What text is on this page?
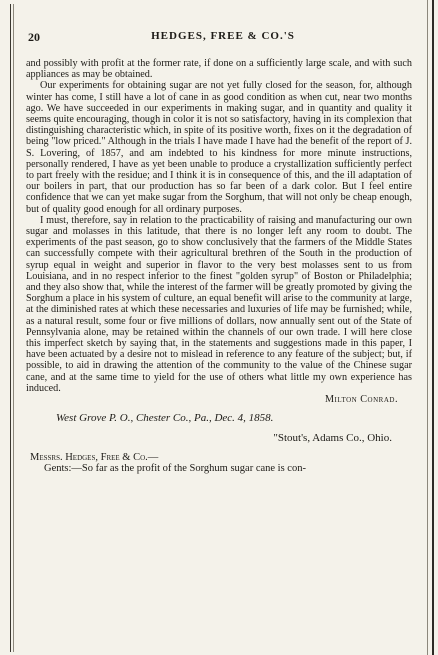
20	HEDGES, FREE & CO.'S

and possibly with profit at the former rate, if done on a sufficiently large scale, and with such appliances as may be obtained.

Our experiments for obtaining sugar are not yet fully closed for the season, for, although winter has come, I still have a lot of cane in as good condition as when cut, near two months ago. We have succeeded in our experiments in making sugar, and in quantity and quality it seems quite encouraging, though in color it is not so satisfactory, having in its complexion that distinguishing characteristic which, in spite of its positive worth, fixes on it the degradation of being "low priced." Although in the trials I have made I have had the benefit of the report of J. S. Lovering, of 1857, and am indebted to his kindness for more minute instructions, personally rendered, I have as yet been unable to produce a crystallization sufficiently perfect to part freely with the residue; and I think it is in consequence of this, and the ill adaptation of our boilers in part, that our production has so far been of a dark color. But I feel entire confidence that we can yet make sugar from the Sorghum, that will not only be cheap enough, but of quality good enough for all ordinary purposes.

I must, therefore, say in relation to the practicability of raising and manufacturing our own sugar and molasses in this latitude, that there is no longer left any room to doubt. The experiments of the past season, go to show conclusively that the farmers of the Middle States can successfully compete with their agricultural brethren of the South in the production of syrup equal in weight and superior in flavor to the very best molasses sent to us from Louisiana, and in no respect inferior to the finest "golden syrup" of Boston or Philadelphia; and they also show that, while the interest of the farmer will be greatly promoted by giving the Sorghum a place in his system of culture, an equal benefit will arise to the community at large, at the diminished rates at which these necessaries and luxuries of life may be furnished; while, as a natural result, some four or five millions of dollars, now annually sent out of the State of Pennsylvania alone, may be retained within the channels of our own trade. I will here close this imperfect sketch by saying that, in the statements and suggestions made in this paper, I have been actuated by a desire not to mislead in reference to any feature of the subject; but, if possible, to aid in drawing the attention of the community to the value of the Chinese sugar cane, and at the same time to yield for the use of others what little my own experience has induced.

Milton Conrad.
West Grove P. O., Chester Co., Pa., Dec. 4, 1858.
"Stout's, Adams Co., Ohio.
Messrs. Hedges, Free & Co.—
Gents:—So far as the profit of the Sorghum sugar cane is con-
